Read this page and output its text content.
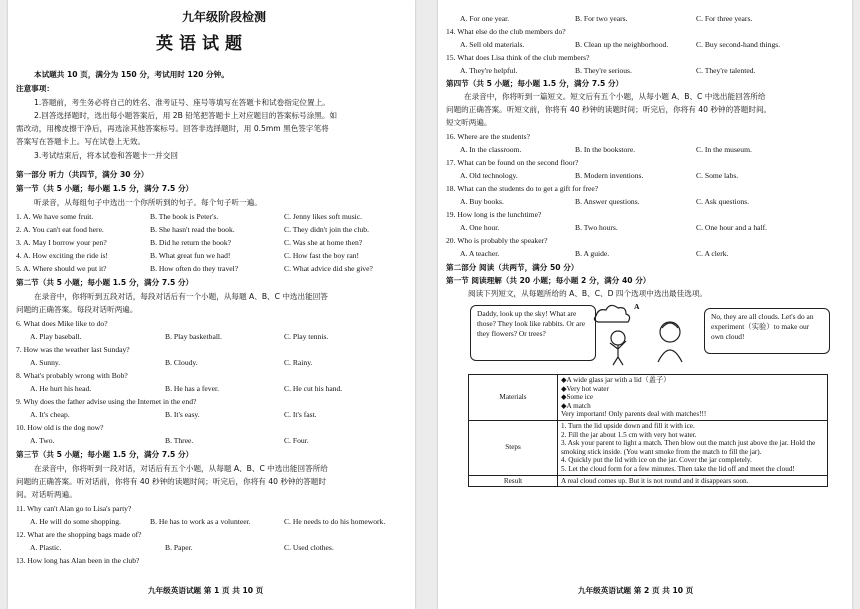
九年级阶段检测
英语试题
本试题共 10 页，满分为 150 分，考试用时 120 分钟。
注意事项：
1.答题前，考生务必将自己的姓名、准考证号、座号等填写在答题卡和试卷指定位置上。
2.回答选择题时，选出每小题答案后，用 2B 铅笔把答题卡上对应题目的答案标号涂黑。如
需改动，用橡皮擦干净后，再选涂其他答案标号。回答非选择题时，用 0.5mm 黑色签字笔将
答案写在答题卡上。写在试卷上无效。
3.考试结束后，将本试卷和答题卡一并交回
第一部分 听力（共四节，满分 30 分）
第一节（共 5 小题；每小题 1.5 分，满分 7.5 分）
听录音，从每组句子中选出一个你所听到的句子。每个句子听一遍。
1. A. We have some fruit.	B. The book is Peter's.	C. Jenny likes soft music.
2. A. You can't eat food here.	B. She hasn't read the book.	C. They didn't join the club.
3. A. May I borrow your pen?	B. Did he return the book?	C. Was she at home then?
4. A. How exciting the ride is!	B. What great fun we had!	C. How fast the boy ran!
5. A. Where should we put it?	B. How often do they travel?	C. What advice did she give?
第二节（共 5 小题；每小题 1.5 分，满分 7.5 分）
在录音中，你将听到五段对话，每段对话后有一个小题，从每题 A、B、C 中选出能回答
问题的正确答案。每段对话听两遍。
6. What does Mike like to do?
A. Play baseball.	B. Play basketball.	C. Play tennis.
7. How was the weather last Sunday?
A. Sunny.	B. Cloudy.	C. Rainy.
8. What's probably wrong with Bob?
A. He hurt his head.	B. He has a fever.	C. He cut his hand.
9. Why does the father advise using the Internet in the end?
A. It's cheap.	B. It's easy.	C. It's fast.
10. How old is the dog now?
A. Two.	B. Three.	C. Four.
第三节（共 5 小题；每小题 1.5 分，满分 7.5 分）
在录音中，你将听到一段对话，对话后有五个小题，从每题 A、B、C 中选出能回答所给
问题的正确答案。听对话前，你将有 40 秒钟的读题时间；听完后，你将有 40 秒钟的答题时
间。对话听两遍。
11. Why can't Alan go to Lisa's party?
A. He will do some shopping.	B. He has to work as a volunteer.	C. He needs to do his homework.
12. What are the shopping bags made of?
A. Plastic.	B. Paper.	C. Used clothes.
13. How long has Alan been in the club?
九年级英语试题 第 1 页 共 10 页
A. For one year.	B. For two years.	C. For three years.
14. What else do the club members do?
A. Sell old materials.	B. Clean up the neighborhood.	C. Buy second-hand things.
15. What does Lisa think of the club members?
A. They're helpful.	B. They're serious.	C. They're talented.
第四节（共 5 小题；每小题 1.5 分，满分 7.5 分）
在录音中，你将听到一篇短文。短文后有五个小题，从每小题 A、B、C 中选出能回答所给
问题的正确答案。听短文前，你将有 40 秒钟的读题时间；听完后，你将有 40 秒钟的答题时间。
短文听两遍。
16. Where are the students?
A. In the classroom.	B. In the bookstore.	C. In the museum.
17. What can be found on the second floor?
A. Old technology.	B. Modern inventions.	C. Some labs.
18. What can the students do to get a gift for free?
A. Buy books.	B. Answer questions.	C. Ask questions.
19. How long is the lunchtime?
A. One hour.	B. Two hours.	C. One hour and a half.
20. Who is probably the speaker?
A. A teacher.	B. A guide.	C. A clerk.
第二部分 阅读（共两节，满分 50 分）
第一节 阅读理解（共 20 小题；每小题 2 分，满分 40 分）
阅读下列短文，从每题所给的 A、B、C、D 四个选项中选出最佳选项。
A
Daddy, look up the sky! What are those? They look like rabbits. Or are they flowers? Or trees?
No, they are all clouds. Let's do an experiment（实验）to make our own cloud!
Materials	◆A wide glass jar with a lid（盖子）
◆Very hot water
◆Some ice
◆A match
Very important! Only parents deal with matches!!!

Steps	1. Turn the lid upside down and fill it with ice.
2. Fill the jar about 1.5 cm with very hot water.
3. Ask your parent to light a match. Then blow out the match just above the jar. Hold the smoking stick inside. (You want smoke from the match to fill the jar).
4. Quickly put the lid with ice on the jar. Cover the jar completely.
5. Let the cloud form for a few minutes. Then take the lid off and meet the cloud!

Result	A real cloud comes up. But it is not round and it disappears soon.
九年级英语试题 第 2 页 共 10 页
